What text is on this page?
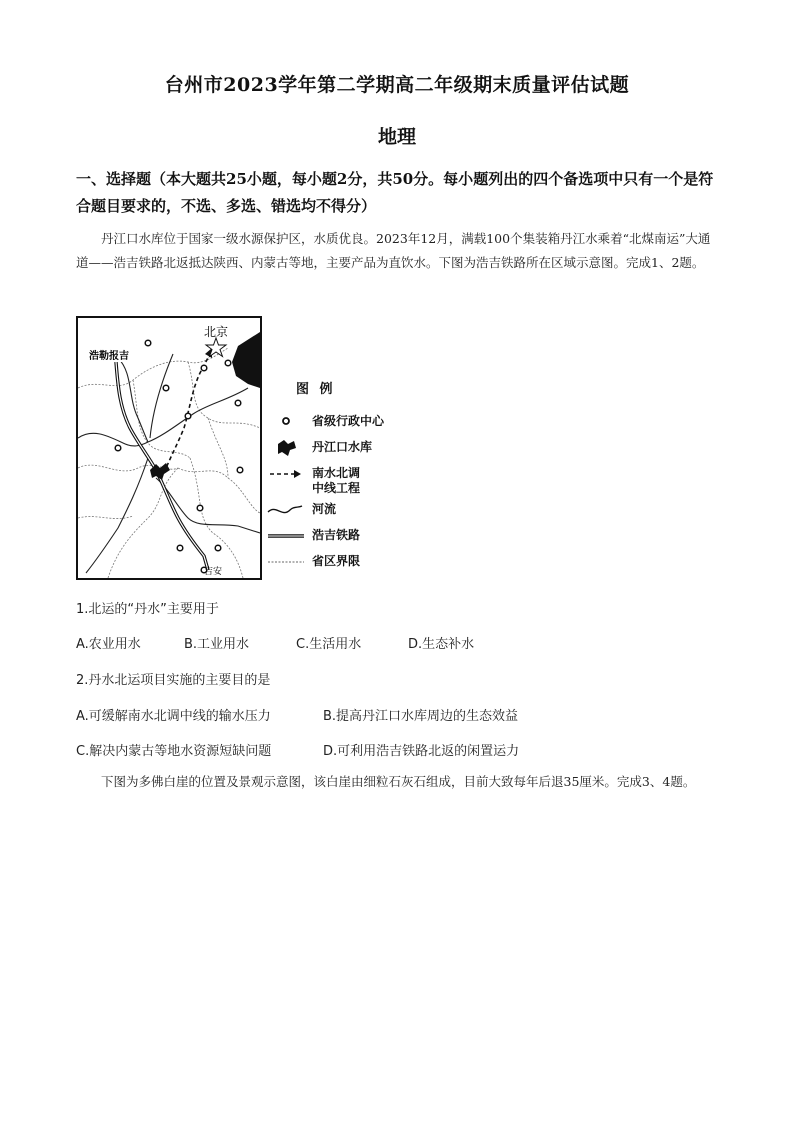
台州市2023学年第二学期高二年级期末质量评估试题
地理
一、选择题（本大题共25小题，每小题2分，共50分。每小题列出的四个备选项中只有一个是符合题目要求的，不选、多选、错选均不得分）
丹江口水库位于国家一级水源保护区，水质优良。2023年12月，满载100个集装箱丹江水乘着“北煤南运”大通道——浩吉铁路北返抵达陕西、内蒙古等地，主要产品为直饮水。下图为浩吉铁路所在区域示意图。完成1、2题。
北京
浩勒报吉
吉安
图 例
省级行政中心
丹江口水库
南水北调
中线工程
河流
浩吉铁路
省区界限
1.北运的“丹水”主要用于
A.农业用水	B.工业用水	C.生活用水	D.生态补水
2.丹水北运项目实施的主要目的是
A.可缓解南水北调中线的输水压力	B.提高丹江口水库周边的生态效益
C.解决内蒙古等地水资源短缺问题	D.可利用浩吉铁路北返的闲置运力
下图为多佛白崖的位置及景观示意图，该白崖由细粒石灰石组成，目前大致每年后退35厘米。完成3、4题。
